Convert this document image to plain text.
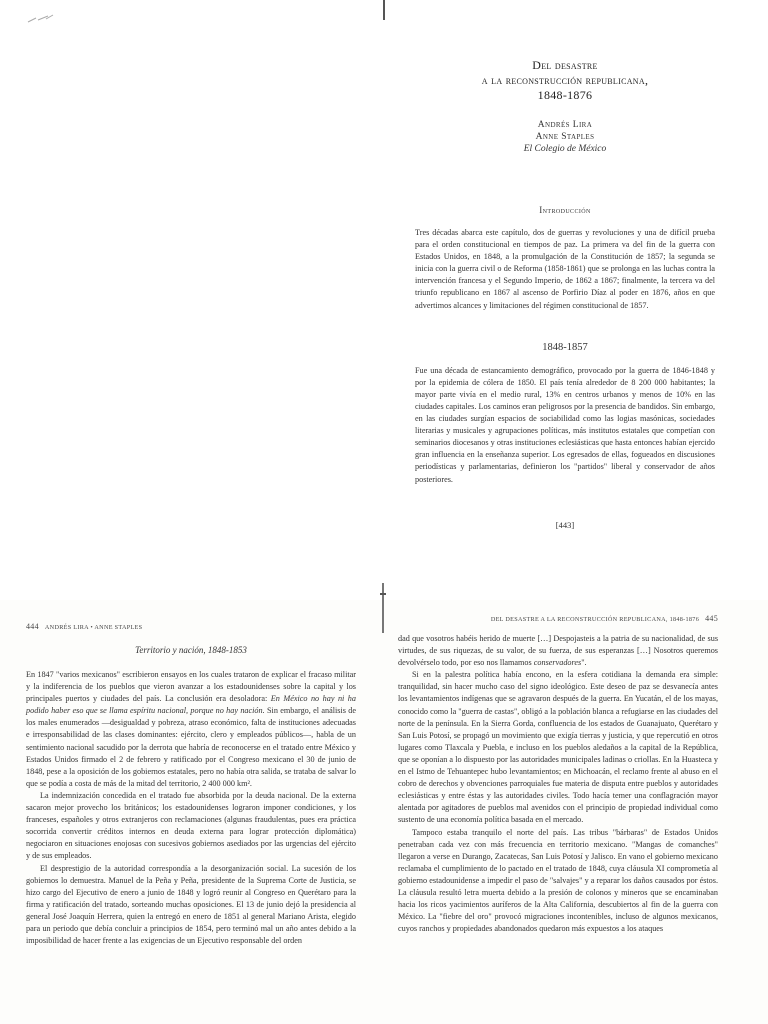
Del desastre
a la reconstrucción republicana,
1848-1876
Andrés Lira
Anne Staples
El Colegio de México
Introducción

Tres décadas abarca este capítulo, dos de guerras y revoluciones y una de difícil prueba para el orden constitucional en tiempos de paz. La primera va del fin de la guerra con Estados Unidos, en 1848, a la promulgación de la Constitución de 1857; la segunda se inicia con la guerra civil o de Reforma (1858-1861) que se prolonga en las luchas contra la intervención francesa y el Segundo Imperio, de 1862 a 1867; finalmente, la tercera va del triunfo republicano en 1867 al ascenso de Porfirio Díaz al poder en 1876, años en que advertimos alcances y limitaciones del régimen constitucional de 1857.

1848-1857

Fue una década de estancamiento demográfico, provocado por la guerra de 1846-1848 y por la epidemia de cólera de 1850. El país tenía alrededor de 8 200 000 habitantes; la mayor parte vivía en el medio rural, 13% en centros urbanos y menos de 10% en las ciudades capitales. Los caminos eran peligrosos por la presencia de bandidos. Sin embargo, en las ciudades surgían espacios de sociabilidad como las logias masónicas, sociedades literarias y musicales y agrupaciones políticas, más institutos estatales que competían con seminarios diocesanos y otras instituciones eclesiásticas que hasta entonces habían ejercido gran influencia en la enseñanza superior. Los egresados de ellas, fogueados en discusiones periodísticas y parlamentarias, definieron los "partidos" liberal y conservador de años posteriores.

[443]
444 ANDRÉS LIRA • ANNE STAPLES
Territorio y nación, 1848-1853

En 1847 "varios mexicanos" escribieron ensayos en los cuales trataron de explicar el fracaso militar y la indiferencia de los pueblos que vieron avanzar a los estadounidenses sobre la capital y los principales puertos y ciudades del país. La conclusión era desoladora: En México no hay ni ha podido haber eso que se llama espíritu nacional, porque no hay nación. Sin embargo, el análisis de los males enumerados —desigualdad y pobreza, atraso económico, falta de instituciones adecuadas e irresponsabilidad de las clases dominantes: ejército, clero y empleados públicos—, habla de un sentimiento nacional sacudido por la derrota que habría de reconocerse en el tratado entre México y Estados Unidos firmado el 2 de febrero y ratificado por el Congreso mexicano el 30 de junio de 1848, pese a la oposición de los gobiernos estatales, pero no había otra salida, se trataba de salvar lo que se podía a costa de más de la mitad del territorio, 2 400 000 km².

La indemnización concedida en el tratado fue absorbida por la deuda nacional. De la externa sacaron mejor provecho los británicos; los estadounidenses lograron imponer condiciones, y los franceses, españoles y otros extranjeros con reclamaciones (algunas fraudulentas, pues era práctica socorrida convertir créditos internos en deuda externa para lograr protección diplomática) negociaron en situaciones enojosas con sucesivos gobiernos asediados por las urgencias del ejército y de sus empleados.

El desprestigio de la autoridad correspondía a la desorganización social. La sucesión de los gobiernos lo demuestra. Manuel de la Peña y Peña, presidente de la Suprema Corte de Justicia, se hizo cargo del Ejecutivo de enero a junio de 1848 y logró reunir al Congreso en Querétaro para la firma y ratificación del tratado, sorteando muchas oposiciones. El 13 de junio dejó la presidencia al general José Joaquín Herrera, quien la entregó en enero de 1851 al general Mariano Arista, elegido para un periodo que debía concluir a principios de 1854, pero terminó mal un año antes debido a la imposibilidad de hacer frente a las exigencias de un Ejecutivo responsable del orden

DEL DESASTRE A LA RECONSTRUCCIÓN REPUBLICANA, 1848-1876 445

dad que vosotros habéis herido de muerte […] Despojasteis a la patria de su nacionalidad, de sus virtudes, de sus riquezas, de su valor, de su fuerza, de sus esperanzas […] Nosotros queremos devolvérselo todo, por eso nos llamamos conservadores".

Si en la palestra política había encono, en la esfera cotidiana la demanda era simple: tranquilidad, sin hacer mucho caso del signo ideológico. Este deseo de paz se desvanecía antes los levantamientos indígenas que se agravaron después de la guerra. En Yucatán, el de los mayas, conocido como la "guerra de castas", obligó a la población blanca a refugiarse en las ciudades del norte de la península. En la Sierra Gorda, confluencia de los estados de Guanajuato, Querétaro y San Luis Potosí, se propagó un movimiento que exigía tierras y justicia, y que repercutió en otros lugares como Tlaxcala y Puebla, e incluso en los pueblos aledaños a la capital de la República, que se oponían a lo dispuesto por las autoridades municipales ladinas o criollas. En la Huasteca y en el Istmo de Tehuantepec hubo levantamientos; en Michoacán, el reclamo frente al abuso en el cobro de derechos y obvenciones parroquiales fue materia de disputa entre pueblos y autoridades eclesiásticas y entre éstas y las autoridades civiles. Todo hacía temer una conflagración mayor alentada por agitadores de pueblos mal avenidos con el principio de propiedad individual como sustento de una economía política basada en el mercado.

Tampoco estaba tranquilo el norte del país. Las tribus "bárbaras" de Estados Unidos penetraban cada vez con más frecuencia en territorio mexicano. "Mangas de comanches" llegaron a verse en Durango, Zacatecas, San Luis Potosí y Jalisco. En vano el gobierno mexicano reclamaba el cumplimiento de lo pactado en el tratado de 1848, cuya cláusula XI comprometía al gobierno estadounidense a impedir el paso de "salvajes" y a reparar los daños causados por éstos. La cláusula resultó letra muerta debido a la presión de colonos y mineros que se encaminaban hacia los ricos yacimientos auríferos de la Alta California, descubiertos al fin de la guerra con México. La "fiebre del oro" provocó migraciones incontenibles, incluso de algunos mexicanos, cuyos ranchos y propiedades abandonados quedaron más expuestos a los ataques
